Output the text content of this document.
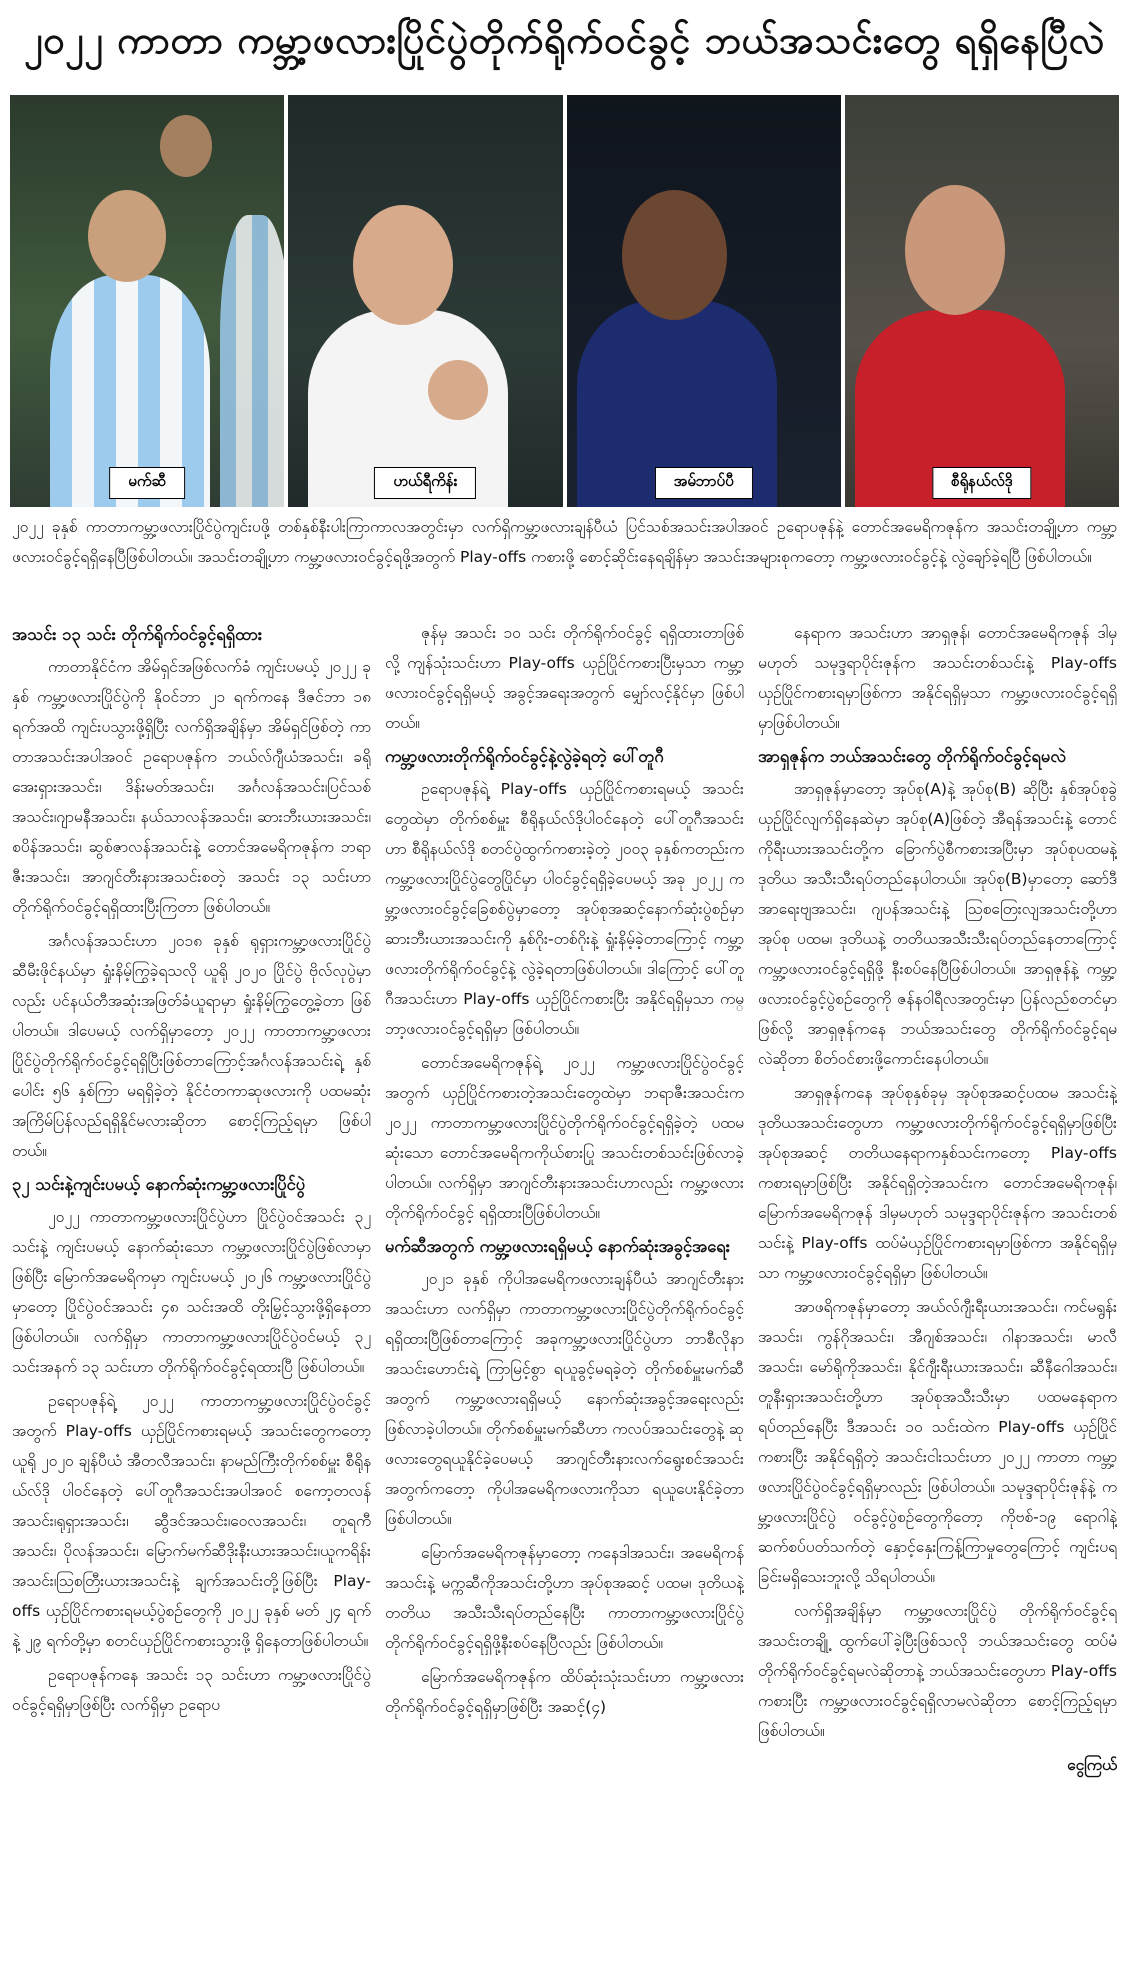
၂၀၂၂ ကာတာ ကမ္ဘာ့ဖလားပြိုင်ပွဲတိုက်ရိုက်ဝင်ခွင့် ဘယ်အသင်းတွေ ရရှိနေပြီလဲ
မက်ဆီ	ဟယ်ရီကိန်း	အမ်ဘာပ်ပီ	စီရိုနယ်လ်ဒို
၂၀၂၂ ခုနှစ် ကာတာကမ္ဘာ့ဖလားပြိုင်ပွဲကျင်းပဖို့ တစ်နှစ်နီးပါးကြာကာလအတွင်းမှာ လက်ရှိကမ္ဘာ့ဖလားချန်ပီယံ ပြင်သစ်အသင်းအပါအဝင် ဥရောပဇုန်နဲ့ တောင်အမေရိကဇုန်က အသင်းတချို့ဟာ ကမ္ဘာ့ဖလားဝင်ခွင့်ရရှိနေပြီဖြစ်ပါတယ်။ အသင်းတချို့ဟာ ကမ္ဘာ့ဖလားဝင်ခွင့်ရဖို့အတွက် Play-offs ကစားဖို့ စောင့်ဆိုင်းနေရချိန်မှာ အသင်းအများစုကတော့ ကမ္ဘာ့ဖလားဝင်ခွင့်နဲ့ လွဲချော်ခဲ့ရပြီ ဖြစ်ပါတယ်။
အသင်း ၁၃ သင်း တိုက်ရိုက်ဝင်ခွင့်ရရှိထား

ကာတာနိုင်ငံက အိမ်ရှင်အဖြစ်လက်ခံ ကျင်းပမယ့် ၂၀၂၂ ခုနှစ် ကမ္ဘာ့ဖလားပြိုင်ပွဲကို နိုဝင်ဘာ ၂၁ ရက်ကနေ ဒီဇင်ဘာ ၁၈ ရက်အထိ ကျင်းပသွားဖို့ရှိပြီး လက်ရှိအချိန်မှာ အိမ်ရှင်ဖြစ်တဲ့ ကာတာအသင်းအပါအဝင် ဥရောပဇုန်က ဘယ်လ်ဂျီယံအသင်း၊ ခရိုအေးရှားအသင်း၊ ဒိန်းမတ်အသင်း၊ အင်္ဂလန်အသင်း၊ပြင်သစ်အသင်း၊ဂျာမနီအသင်း၊ နယ်သာလန်အသင်း၊ ဆားဘီးယားအသင်း၊ စပိန်အသင်း၊ ဆွစ်ဇာလန်အသင်းနဲ့ တောင်အမေရိကဇုန်က ဘရာဇီးအသင်း၊ အာဂျင်တီးနားအသင်းစတဲ့ အသင်း ၁၃ သင်းဟာ တိုက်ရိုက်ဝင်ခွင့်ရရှိထားပြီးကြတာ ဖြစ်ပါတယ်။

အင်္ဂလန်အသင်းဟာ ၂၀၁၈ ခုနှစ် ရုရှားကမ္ဘာ့ဖလားပြိုင်ပွဲ ဆီမီးဖိုင်နယ်မှာ ရှုံးနိမ့်ကြွခဲ့ရသလို ယူရို ၂၀၂၀ ပြိုင်ပွဲ ဗိုလ်လုပွဲမှာလည်း ပင်နယ်တီအဆုံးအဖြတ်ခံယူရာမှာ ရှုံးနိမ့်ကြွတွေ့ခဲ့တာ ဖြစ်ပါတယ်။ ဒါပေမယ့် လက်ရှိမှာတော့ ၂၀၂၂ ကာတာကမ္ဘာ့ဖလားပြိုင်ပွဲတိုက်ရိုက်ဝင်ခွင့်ရရှိပြီးဖြစ်တာကြောင့်အင်္ဂလန်အသင်းရဲ့ နှစ်ပေါင်း ၅၆ နှစ်ကြာ မရရှိခဲ့တဲ့ နိုင်ငံတကာဆုဖလားကို ပထမဆုံးအကြိမ်ပြန်လည်ရရှိနိုင်မလားဆိုတာ စောင့်ကြည့်ရမှာ ဖြစ်ပါတယ်။

၃၂ သင်းနဲ့ကျင်းပမယ့် နောက်ဆုံးကမ္ဘာ့ဖလားပြိုင်ပွဲ

၂၀၂၂ ကာတာကမ္ဘာ့ဖလားပြိုင်ပွဲဟာ ပြိုင်ပွဲဝင်အသင်း ၃၂ သင်းနဲ့ ကျင်းပမယ့် နောက်ဆုံးသော ကမ္ဘာ့ဖလားပြိုင်ပွဲဖြစ်လာမှာဖြစ်ပြီး မြောက်အမေရိကမှာ ကျင်းပမယ့် ၂၀၂၆ ကမ္ဘာ့ဖလားပြိုင်ပွဲမှာတော့ ပြိုင်ပွဲဝင်အသင်း ၄၈ သင်းအထိ တိုးမြှင့်သွားဖို့ရှိနေတာဖြစ်ပါတယ်။ လက်ရှိမှာ ကာတာကမ္ဘာ့ဖလားပြိုင်ပွဲဝင်မယ့် ၃၂ သင်းအနက် ၁၃ သင်းဟာ တိုက်ရိုက်ဝင်ခွင့်ရထားပြီ ဖြစ်ပါတယ်။

ဥရောပဇုန်ရဲ့ ၂၀၂၂ ကာတာကမ္ဘာ့ဖလားပြိုင်ပွဲဝင်ခွင့်အတွက် Play-offs ယှဉ်ပြိုင်ကစားရမယ့် အသင်းတွေကတော့ ယူရို ၂၀၂၀ ချန်ပီယံ အီတလီအသင်း၊ နာမည်ကြီးတိုက်စစ်မှူး စီရိုနယ်လ်ဒို ပါဝင်နေတဲ့ ပေါ်တူဂီအသင်းအပါအဝင် စကော့တလန်အသင်း၊ရုရှားအသင်း၊ ဆွီဒင်အသင်း၊ဝေလအသင်း၊ တူရကီအသင်း၊ ပိုလန်အသင်း၊ မြောက်မက်ဆီဒိုးနီးယားအသင်း၊ယူကရိန်းအသင်း၊ဩစတြီးယားအသင်းနဲ့ ချက်အသင်းတို့ဖြစ်ပြီး Play-offs ယှဉ်ပြိုင်ကစားရမယ့်ပွဲစဉ်တွေကို ၂၀၂၂ ခုနှစ် မတ် ၂၄ ရက်နဲ့ ၂၉ ရက်တို့မှာ စတင်ယှဉ်ပြိုင်ကစားသွားဖို့ ရှိနေတာဖြစ်ပါတယ်။

ဥရောပဇုန်ကနေ အသင်း ၁၃ သင်းဟာ ကမ္ဘာ့ဖလားပြိုင်ပွဲ ဝင်ခွင့်ရရှိမှာဖြစ်ပြီး လက်ရှိမှာ ဥရောပ

ဇုန်မှ အသင်း ၁၀ သင်း တိုက်ရိုက်ဝင်ခွင့် ရရှိထားတာဖြစ်လို့ ကျန်သုံးသင်းဟာ Play-offs ယှဉ်ပြိုင်ကစားပြီးမှသာ ကမ္ဘာ့ဖလားဝင်ခွင့်ရရှိမယ့် အခွင့်အရေးအတွက် မျှော်လင့်နိုင်မှာ ဖြစ်ပါတယ်။

ကမ္ဘာ့ဖလားတိုက်ရိုက်ဝင်ခွင့်နဲ့လွဲခဲ့ရတဲ့ ပေါ်တူဂီ

ဥရောပဇုန်ရဲ့ Play-offs ယှဉ်ပြိုင်ကစားရမယ့် အသင်းတွေထဲမှာ တိုက်စစ်မှူး စီရိုနယ်လ်ဒိုပါဝင်နေတဲ့ ပေါ်တူဂီအသင်းဟာ စီရိုနယ်လ်ဒို စတင်ပွဲထွက်ကစားခဲ့တဲ့ ၂၀၀၃ ခုနှစ်ကတည်းက ကမ္ဘာ့ဖလားပြိုင်ပွဲတွေပြိုင်မှာ ပါဝင်ခွင့်ရရှိခဲ့ပေမယ့် အခု ၂၀၂၂ ကမ္ဘာ့ဖလားဝင်ခွင့်ခြေစစ်ပွဲမှာတော့ အုပ်စုအဆင့်နောက်ဆုံးပွဲစဉ်မှာ ဆားဘီးယားအသင်းကို နှစ်ဂိုး-တစ်ဂိုးနဲ့ ရှုံးနိမ့်ခဲ့တာကြောင့် ကမ္ဘာ့ဖလားတိုက်ရိုက်ဝင်ခွင့်နဲ့ လွဲခဲ့ရတာဖြစ်ပါတယ်။ ဒါကြောင့် ပေါ်တူဂီအသင်းဟာ Play-offs ယှဉ်ပြိုင်ကစားပြီး အနိုင်ရရှိမှသာ ကမ္ဘာ့ဖလားဝင်ခွင့်ရရှိမှာ ဖြစ်ပါတယ်။

တောင်အမေရိကဇုန်ရဲ့ ၂၀၂၂ ကမ္ဘာ့ဖလားပြိုင်ပွဲဝင်ခွင့်အတွက် ယှဉ်ပြိုင်ကစားတဲ့အသင်းတွေထဲမှာ ဘရာဇီးအသင်းက ၂၀၂၂ ကာတာကမ္ဘာ့ဖလားပြိုင်ပွဲတိုက်ရိုက်ဝင်ခွင့်ရရှိခဲ့တဲ့ ပထမဆုံးသော တောင်အမေရိကကိုယ်စားပြု အသင်းတစ်သင်းဖြစ်လာခဲ့ပါတယ်။ လက်ရှိမှာ အာဂျင်တီးနားအသင်းဟာလည်း ကမ္ဘာ့ဖလားတိုက်ရိုက်ဝင်ခွင့် ရရှိထားပြီဖြစ်ပါတယ်။

မက်ဆီအတွက် ကမ္ဘာ့ဖလားရရှိမယ့် နောက်ဆုံးအခွင့်အရေး

၂၀၂၁ ခုနှစ် ကိုပါအမေရိကဖလားချန်ပီယံ အာဂျင်တီးနားအသင်းဟာ လက်ရှိမှာ ကာတာကမ္ဘာ့ဖလားပြိုင်ပွဲတိုက်ရိုက်ဝင်ခွင့် ရရှိထားပြီဖြစ်တာကြောင့် အခုကမ္ဘာ့ဖလားပြိုင်ပွဲဟာ ဘာစီလိုနာအသင်းဟောင်းရဲ့ ကြာမြင့်စွာ ရယူခွင့်မရခဲ့တဲ့ တိုက်စစ်မှူးမက်ဆီအတွက် ကမ္ဘာ့ဖလားရရှိမယ့် နောက်ဆုံးအခွင့်အရေးလည်း ဖြစ်လာခဲ့ပါတယ်။ တိုက်စစ်မှူးမက်ဆီဟာ ကလပ်အသင်းတွေနဲ့ ဆုဖလားတွေရယူနိုင်ခဲ့ပေမယ့် အာဂျင်တီးနားလက်ရွေးစင်အသင်းအတွက်ကတော့ ကိုပါအမေရိကဖလားကိုသာ ရယူပေးနိုင်ခဲ့တာ ဖြစ်ပါတယ်။

မြောက်အမေရိကဇုန်မှာတော့ ကနေဒါအသင်း၊ အမေရိကန်အသင်းနဲ့ မက္ကဆီကိုအသင်းတို့ဟာ အုပ်စုအဆင့် ပထမ၊ ဒုတိယနဲ့ တတိယ အသီးသီးရပ်တည်နေပြီး ကာတာကမ္ဘာ့ဖလားပြိုင်ပွဲ တိုက်ရိုက်ဝင်ခွင့်ရရှိဖို့နီးစပ်နေပြီလည်း ဖြစ်ပါတယ်။

မြောက်အမေရိကဇုန်က ထိပ်ဆုံးသုံးသင်းဟာ ကမ္ဘာ့ဖလားတိုက်ရိုက်ဝင်ခွင့်ရရှိမှာဖြစ်ပြီး အဆင့်(၄)

နေရာက အသင်းဟာ အာရှဇုန်၊ တောင်အမေရိကဇုန် ဒါမှမဟုတ် သမုဒ္ဒရာပိုင်းဇုန်က အသင်းတစ်သင်းနဲ့ Play-offs ယှဉ်ပြိုင်ကစားရမှာဖြစ်ကာ အနိုင်ရရှိမှသာ ကမ္ဘာ့ဖလားဝင်ခွင့်ရရှိမှာဖြစ်ပါတယ်။

အာရှဇုန်က ဘယ်အသင်းတွေ တိုက်ရိုက်ဝင်ခွင့်ရမလဲ

အာရှဇုန်မှာတော့ အုပ်စု(A)နဲ့ အုပ်စု(B) ဆိုပြီး နှစ်အုပ်စုခွဲယှဉ်ပြိုင်လျက်ရှိနေဆဲမှာ အုပ်စု(A)ဖြစ်တဲ့ အီရန်အသင်းနဲ့ တောင်ကိုရီးယားအသင်းတို့က ခြောက်ပွဲစီကစားအပြီးမှာ အုပ်စုပထမနဲ့ ဒုတိယ အသီးသီးရပ်တည်နေပါတယ်။ အုပ်စု(B)မှာတော့ ဆော်ဒီအာရေးဗျအသင်း၊ ဂျပန်အသင်းနဲ့ ဩစတြေးလျအသင်းတို့ဟာ အုပ်စု ပထမ၊ ဒုတိယနဲ့ တတိယအသီးသီးရပ်တည်နေတာကြောင့် ကမ္ဘာ့ဖလားဝင်ခွင့်ရရှိဖို့ နီးစပ်နေပြီဖြစ်ပါတယ်။ အာရှဇုန်နဲ့ ကမ္ဘာ့ဖလားဝင်ခွင့်ပွဲစဉ်တွေကို ဇန်နဝါရီလအတွင်းမှာ ပြန်လည်စတင်မှာဖြစ်လို့ အာရှဇုန်ကနေ ဘယ်အသင်းတွေ တိုက်ရိုက်ဝင်ခွင့်ရမလဲဆိုတာ စိတ်ဝင်စားဖို့ကောင်းနေပါတယ်။

အာရှဇုန်ကနေ အုပ်စုနှစ်ခုမှ အုပ်စုအဆင့်ပထမ အသင်းနဲ့ဒုတိယအသင်းတွေဟာ ကမ္ဘာ့ဖလားတိုက်ရိုက်ဝင်ခွင့်ရရှိမှာဖြစ်ပြီး အုပ်စုအဆင့် တတိယနေရာကနှစ်သင်းကတော့ Play-offs ကစားရမှာဖြစ်ပြီး အနိုင်ရရှိတဲ့အသင်းက တောင်အမေရိကဇုန်၊ မြောက်အမေရိကဇုန် ဒါမှမဟုတ် သမုဒ္ဒရာပိုင်းဇုန်က အသင်းတစ်သင်းနဲ့ Play-offs ထပ်မံယှဉ်ပြိုင်ကစားရမှာဖြစ်ကာ အနိုင်ရရှိမှသာ ကမ္ဘာ့ဖလားဝင်ခွင့်ရရှိမှာ ဖြစ်ပါတယ်။

အာဖရိကဇုန်မှာတော့ အယ်လ်ဂျီးရီးယားအသင်း၊ ကင်မရွန်းအသင်း၊ ကွန်ဂိုအသင်း၊ အီဂျစ်အသင်း၊ ဂါနာအသင်း၊ မာလီအသင်း၊ မော်ရိုကိုအသင်း၊ နိုင်ဂျီးရီးယားအသင်း၊ ဆီနီဂေါအသင်း၊ တူနီးရှားအသင်းတို့ဟာ အုပ်စုအသီးသီးမှာ ပထမနေရာက ရပ်တည်နေပြီး ဒီအသင်း ၁၀ သင်းထဲက Play-offs ယှဉ်ပြိုင်ကစားပြီး အနိုင်ရရှိတဲ့ အသင်းငါးသင်းဟာ ၂၀၂၂ ကာတာ ကမ္ဘာ့ဖလားပြိုင်ပွဲဝင်ခွင့်ရရှိမှာလည်း ဖြစ်ပါတယ်။ သမုဒ္ဒရာပိုင်းဇုန်နဲ့ ကမ္ဘာ့ဖလားပြိုင်ပွဲ ဝင်ခွင့်ပွဲစဉ်တွေကိုတော့ ကိုဗစ်-၁၉ ရောဂါနဲ့ ဆက်စပ်ပတ်သက်တဲ့ နှောင့်နှေးကြန့်ကြာမှုတွေကြောင့် ကျင်းပရခြင်းမရှိသေးဘူးလို့ သိရပါတယ်။

လက်ရှိအချိန်မှာ ကမ္ဘာ့ဖလားပြိုင်ပွဲ တိုက်ရိုက်ဝင်ခွင့်ရအသင်းတချို့ ထွက်ပေါ်ခဲ့ပြီးဖြစ်သလို ဘယ်အသင်းတွေ ထပ်မံတိုက်ရိုက်ဝင်ခွင့်ရမလဲဆိုတာနဲ့ ဘယ်အသင်းတွေဟာ Play-offs ကစားပြီး ကမ္ဘာ့ဖလားဝင်ခွင့်ရရှိလာမလဲဆိုတာ စောင့်ကြည့်ရမှာ ဖြစ်ပါတယ်။

ငွေကြယ်
